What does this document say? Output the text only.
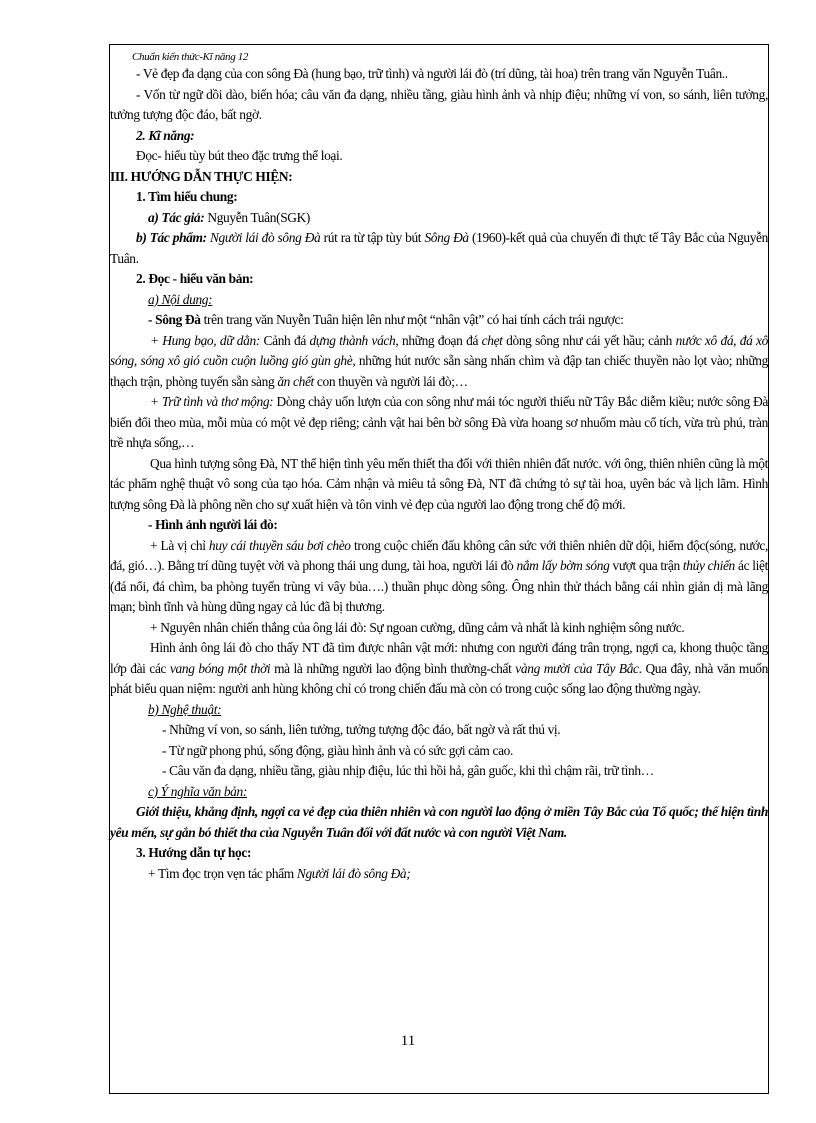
Chuẩn kiến thức-Kĩ năng 12

- Vẻ đẹp đa dạng của con sông Đà (hung bạo, trữ tình) và người lái đò (trí dũng, tài hoa) trên trang văn Nguyễn Tuân..

- Vốn từ ngữ dồi dào, biến hóa; câu văn đa dạng, nhiều tầng, giàu hình ảnh và nhịp điệu; những ví von, so sánh, liên tưởng, tưởng tượng độc đáo, bất ngờ.

2. Kĩ năng:

Đọc- hiểu tùy bút theo đặc trưng thể loại.

III. HƯỚNG DẪN THỰC HIỆN:

1. Tìm hiểu chung:

a) Tác giả: Nguyễn Tuân(SGK)

b) Tác phẩm: Người lái đò sông Đà rút ra từ tập tùy bút Sông Đà (1960)-kết quả của chuyến đi thực tế Tây Bắc của Nguyễn Tuân.

2. Đọc - hiểu văn bản:

a) Nội dung:

- Sông Đà trên trang văn Nuyễn Tuân hiện lên như một “nhân vật” có hai tính cách trái ngược:

+ Hung bạo, dữ dằn: Cảnh đá dựng thành vách, những đoạn đá chẹt dòng sông như cái yết hầu; cảnh nước xô đá, đá xô sóng, sóng xô gió cuồn cuộn luồng gió gùn ghè, những hút nước sẵn sàng nhấn chìm và đập tan chiếc thuyền nào lọt vào; những thạch trận, phòng tuyến sẵn sàng ăn chết con thuyền và người lái đò;…

+ Trữ tình và thơ mộng: Dòng chảy uốn lượn của con sông như mái tóc người thiếu nữ Tây Bắc diễm kiều; nước sông Đà biến đổi theo mùa, mỗi mùa có một vẻ đẹp riêng; cảnh vật hai bên bờ sông Đà vừa hoang sơ nhuốm màu cổ tích, vừa trù phú, tràn trề nhựa sống,…

Qua hình tượng sông Đà, NT thể hiện tình yêu mến thiết tha đối với thiên nhiên đất nước. với ông, thiên nhiên cũng là một tác phẩm nghệ thuật vô song của tạo hóa. Cảm nhận và miêu tả sông Đà, NT đã chứng tỏ sự tài hoa, uyên bác và lịch lãm. Hình tượng sông Đà là phông nền cho sự xuất hiện và tôn vinh vẻ đẹp của người lao động trong chế độ mới.

- Hình ảnh người lái đò:

+ Là vị chỉ huy cái thuyền sáu bơi chèo trong cuộc chiến đấu không cân sức với thiên nhiên dữ dội, hiểm độc(sóng, nước, đá, gió…). Bằng trí dũng tuyệt vời và phong thái ung dung, tài hoa, người lái đò nắm lấy bờm sóng vượt qua trận thủy chiến ác liệt (đá nổi, đá chìm, ba phòng tuyến trùng vi vây bủa….) thuần phục dòng sông. Ông nhìn thử thách bằng cái nhìn giản dị mà lãng mạn; bình tĩnh và hùng dũng ngay cả lúc đã bị thương.

+ Nguyên nhân chiến thắng của ông lái đò: Sự ngoan cường, dũng cảm và nhất là kinh nghiệm sông nước.

Hình ảnh ông lái đò cho thấy NT đã tìm được nhân vật mới: nhưng con người đáng trân trọng, ngợi ca, khong thuộc tầng lớp đài các vang bóng một thời mà là những người lao động bình thường-chất vàng mười của Tây Bắc. Qua đây, nhà văn muốn phát biểu quan niệm: người anh hùng không chỉ có trong chiến đấu mà còn có trong cuộc sống lao động thường ngày.

b) Nghệ thuật:

- Những ví von, so sánh, liên tưởng, tưởng tượng độc đáo, bất ngờ và rất thú vị.

- Từ ngữ phong phú, sống động, giàu hình ảnh và có sức gợi cảm cao.

- Câu văn đa dạng, nhiều tầng, giàu nhịp điệu, lúc thì hồi hả, gân guốc, khi thì chậm rãi, trữ tình…

c) Ý nghĩa văn bản:

Giới thiệu, khẳng định, ngợi ca vẻ đẹp của thiên nhiên và con người lao động ở miền Tây Bắc của Tổ quốc; thể hiện tình yêu mến, sự gắn bó thiết tha của Nguyễn Tuân đối với đất nước và con người Việt Nam.

3. Hướng dẫn tự học:

+ Tìm đọc trọn vẹn tác phẩm Người lái đò sông Đà;

11
